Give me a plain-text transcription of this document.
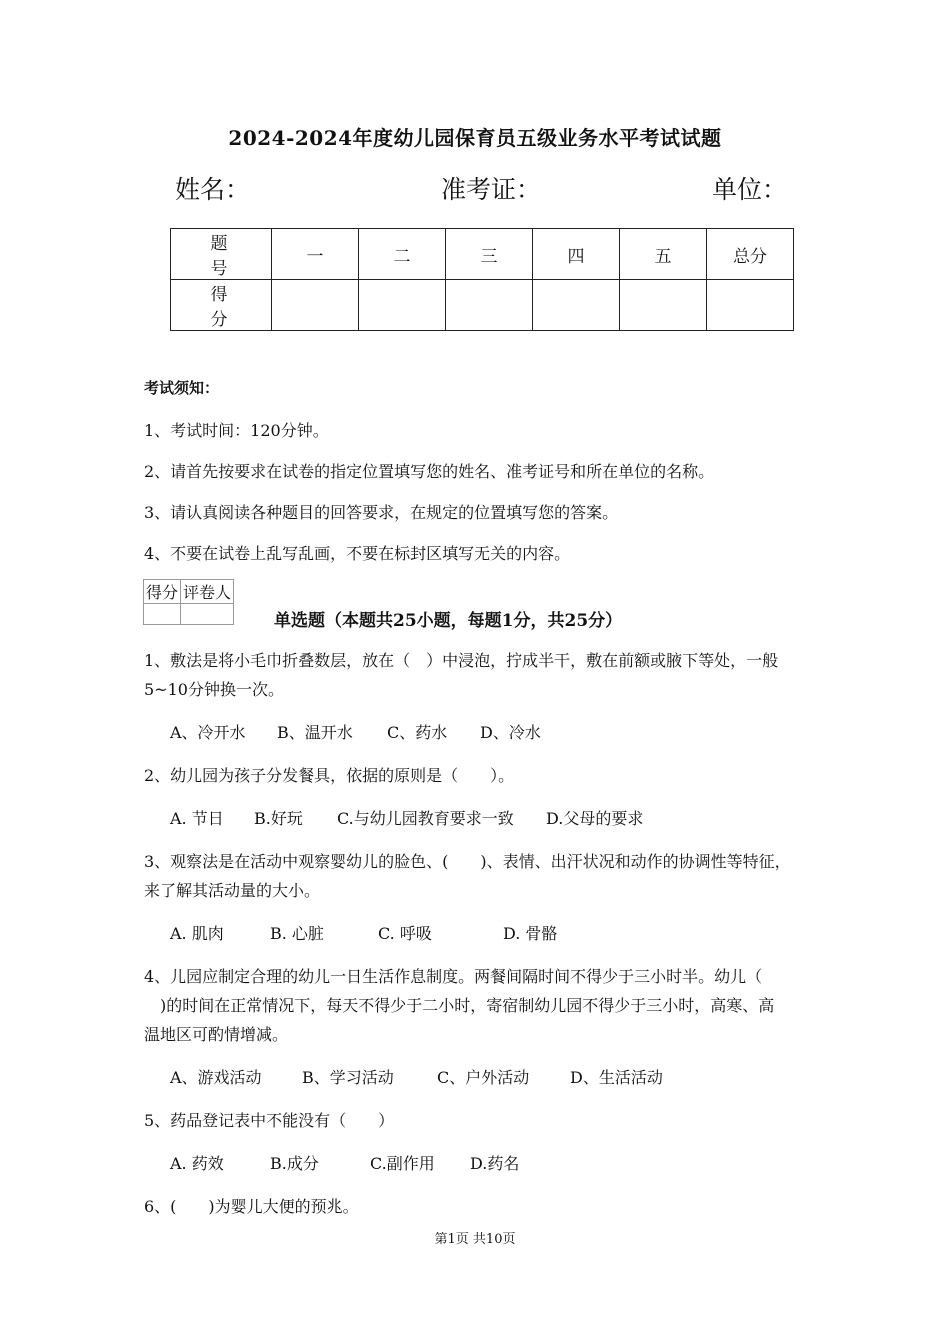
2024-2024年度幼儿园保育员五级业务水平考试试题
姓名：	准考证：	单位：
题　号	一	二	三	四	五	总分
得　分						
考试须知：
1、考试时间：120分钟。
2、请首先按要求在试卷的指定位置填写您的姓名、准考证号和所在单位的名称。
3、请认真阅读各种题目的回答要求，在规定的位置填写您的答案。
4、不要在试卷上乱写乱画，不要在标封区填写无关的内容。
得分	评卷人

单选题（本题共25小题，每题1分，共25分）
1、敷法是将小毛巾折叠数层，放在（　）中浸泡，拧成半干，敷在前额或腋下等处，一般
5~10分钟换一次。
A、冷开水 B、温开水 C、药水 D、冷水
2、幼儿园为孩子分发餐具，依据的原则是（　　）。
A. 节日 B.好玩 C.与幼儿园教育要求一致 D.父母的要求
3、观察法是在活动中观察婴幼儿的脸色、(　　)、表情、出汗状况和动作的协调性等特征，
来了解其活动量的大小。
A. 肌肉	B. 心脏	C. 呼吸	D. 骨骼
4、儿园应制定合理的幼儿一日生活作息制度。两餐间隔时间不得少于三小时半。幼儿（
　)的时间在正常情况下，每天不得少于二小时，寄宿制幼儿园不得少于三小时，高寒、高
温地区可酌情增减。
A、游戏活动	B、学习活动	C、户外活动	D、生活活动
5、药品登记表中不能没有（　　）
A. 药效	B.成分	C.副作用 D.药名
6、(　　)为婴儿大便的预兆。
第1页 共10页
